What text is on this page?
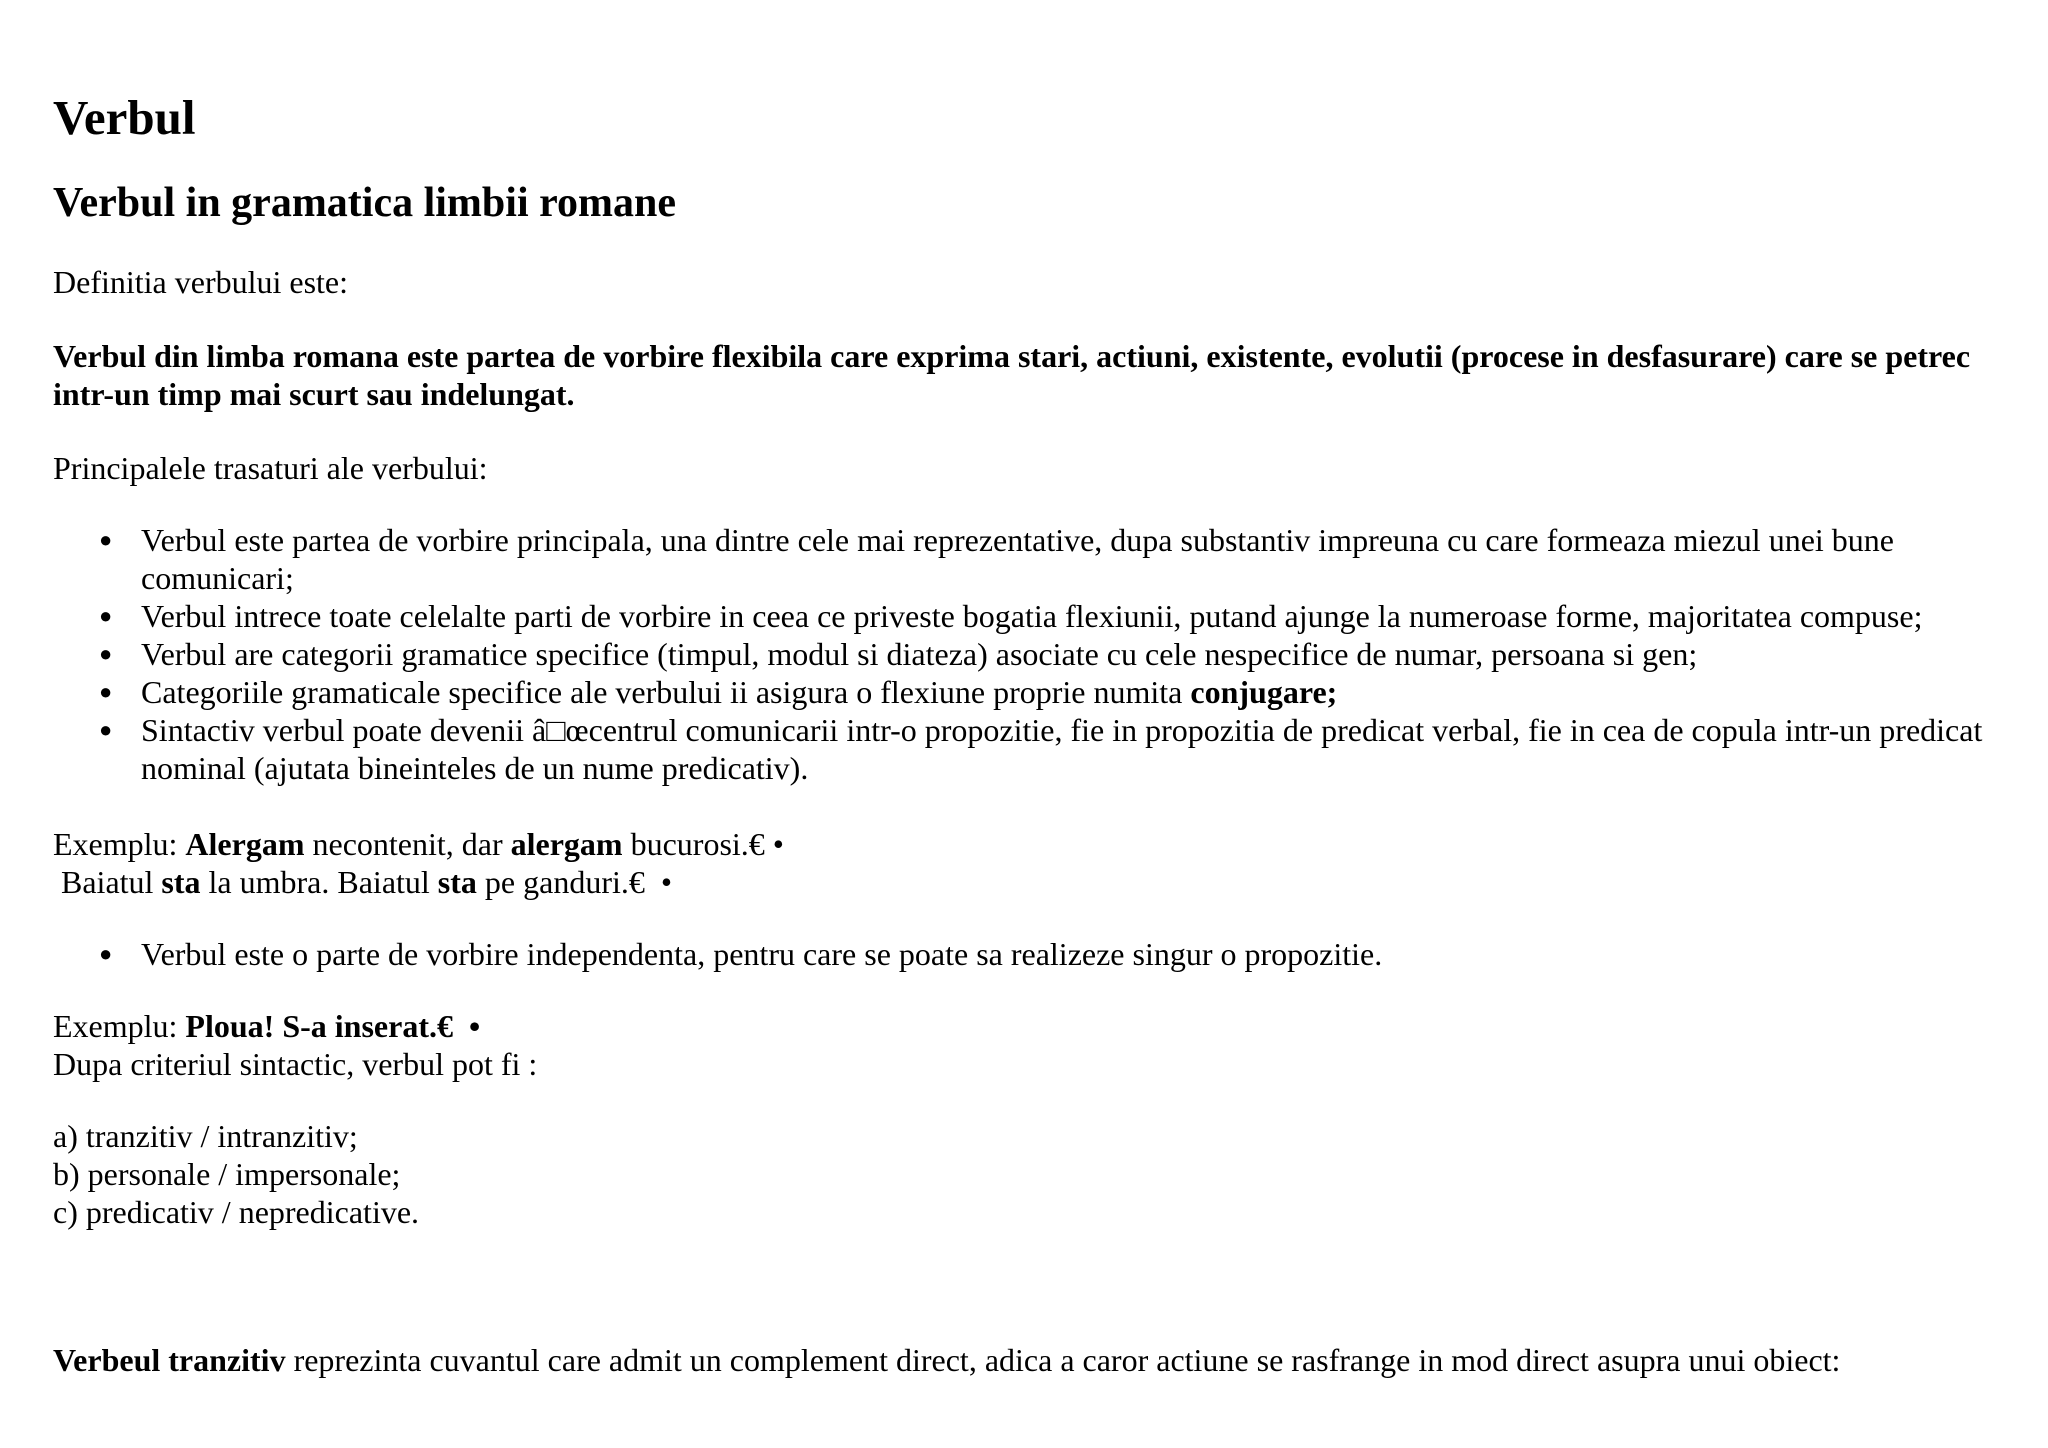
Verbul
Verbul in gramatica limbii romane

Definitia verbului este:

Verbul din limba romana este partea de vorbire flexibila care exprima stari, actiuni, existente, evolutii (procese in desfasurare) care se petrec intr-un timp mai scurt sau indelungat.

Principalele trasaturi ale verbului:

● Verbul este partea de vorbire principala, una dintre cele mai reprezentative, dupa substantiv impreuna cu care formeaza miezul unei bune comunicari;
● Verbul intrece toate celelalte parti de vorbire in ceea ce priveste bogatia flexiunii, putand ajunge la numeroase forme, majoritatea compuse;
● Verbul are categorii gramatice specifice (timpul, modul si diateza) asociate cu cele nespecifice de numar, persoana si gen;
● Categoriile gramaticale specifice ale verbului ii asigura o flexiune proprie numita conjugare;
● Sintactiv verbul poate devenii â□œcentrul comunicarii intr-o propozitie, fie in propozitia de predicat verbal, fie in cea de copula intr-un predicat nominal (ajutata bineinteles de un nume predicativ).

Exemplu: Alergam necontenit, dar alergam bucurosi.€ •

Baiatul sta la umbra. Baiatul sta pe ganduri.€  •

● Verbul este o parte de vorbire independenta, pentru care se poate sa realizeze singur o propozitie.

Exemplu: Ploua! S-a inserat.€  •

Dupa criteriul sintactic, verbul pot fi :

a) tranzitiv / intranzitiv;

b) personale / impersonale;

c) predicativ / nepredicative.

Verbeul tranzitiv reprezinta cuvantul care admit un complement direct, adica a caror actiune se rasfrange in mod direct asupra unui obiect:
